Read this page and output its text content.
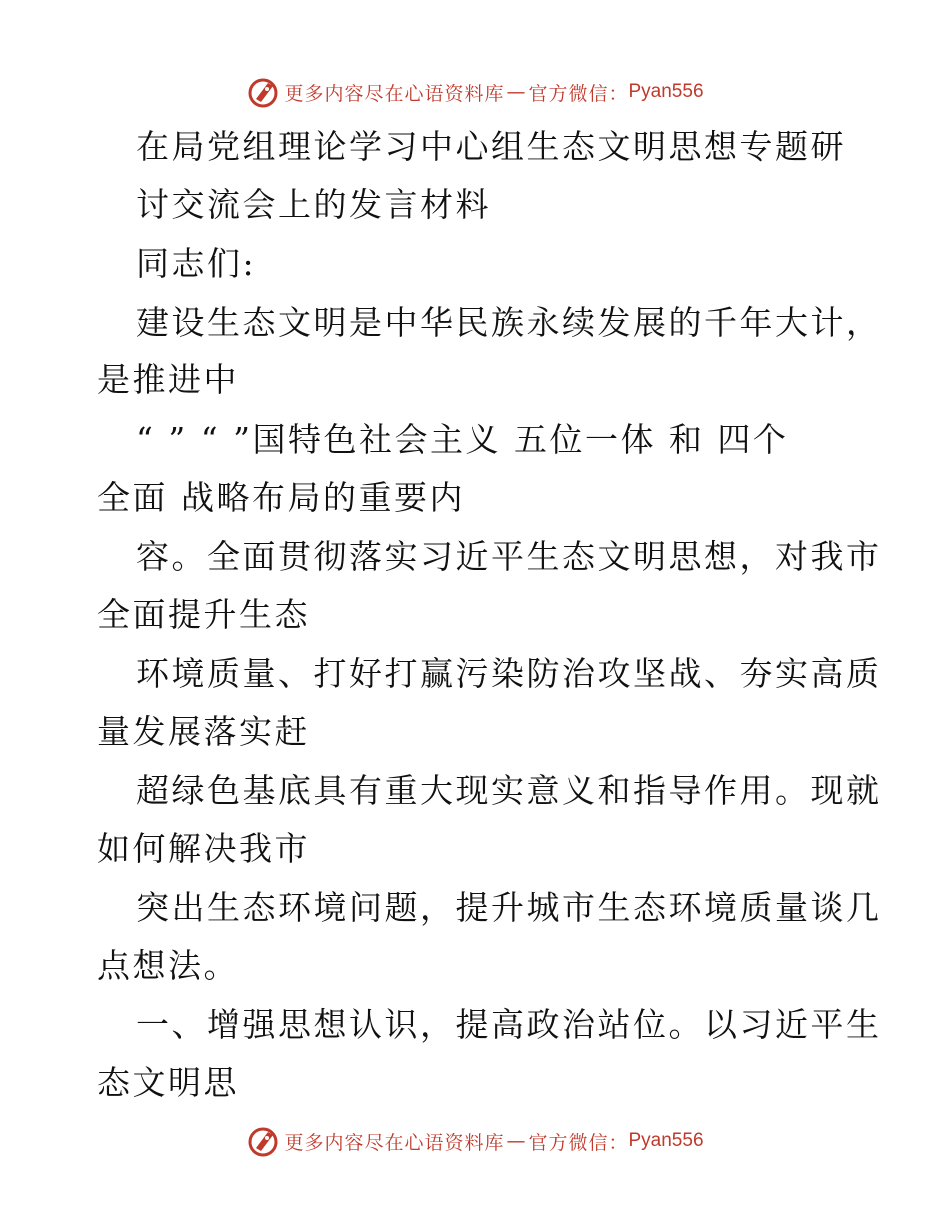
更多内容尽在心语资料库 — 官方微信： Pyan556
在局党组理论学习中心组生态文明思想专题研
讨交流会上的发言材料
同志们:
建设生态文明是中华民族永续发展的千年大计，
是推进中
“ ” “ ”国特色社会主义 五位一体 和 四个
全面 战略布局的重要内
容。全面贯彻落实习近平生态文明思想，对我市
全面提升生态
环境质量、打好打赢污染防治攻坚战、夯实高质
量发展落实赶
超绿色基底具有重大现实意义和指导作用。现就
如何解决我市
突出生态环境问题，提升城市生态环境质量谈几
点想法。
一、增强思想认识，提高政治站位。以习近平生
态文明思
更多内容尽在心语资料库 — 官方微信： Pyan556
